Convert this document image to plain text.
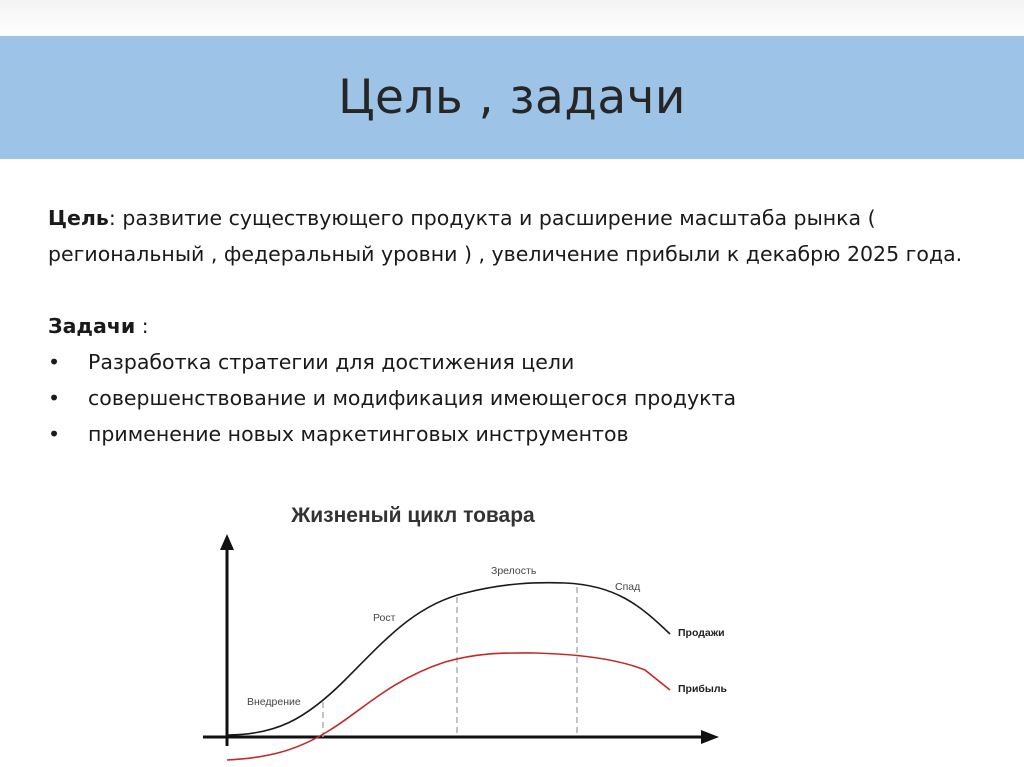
Цель , задачи

Цель: развитие существующего продукта и расширение масштаба рынка ( региональный , федеральный уровни ) , увеличение прибыли к декабрю 2025 года.

Задачи :

• Разработка стратегии для достижения цели
• совершенствование и модификация имеющегося продукта
• применение новых маркетинговых инструментов
Жизненый цикл товара
Внедрение
Рост
Зрелость
Спад
Продажи
Прибыль
